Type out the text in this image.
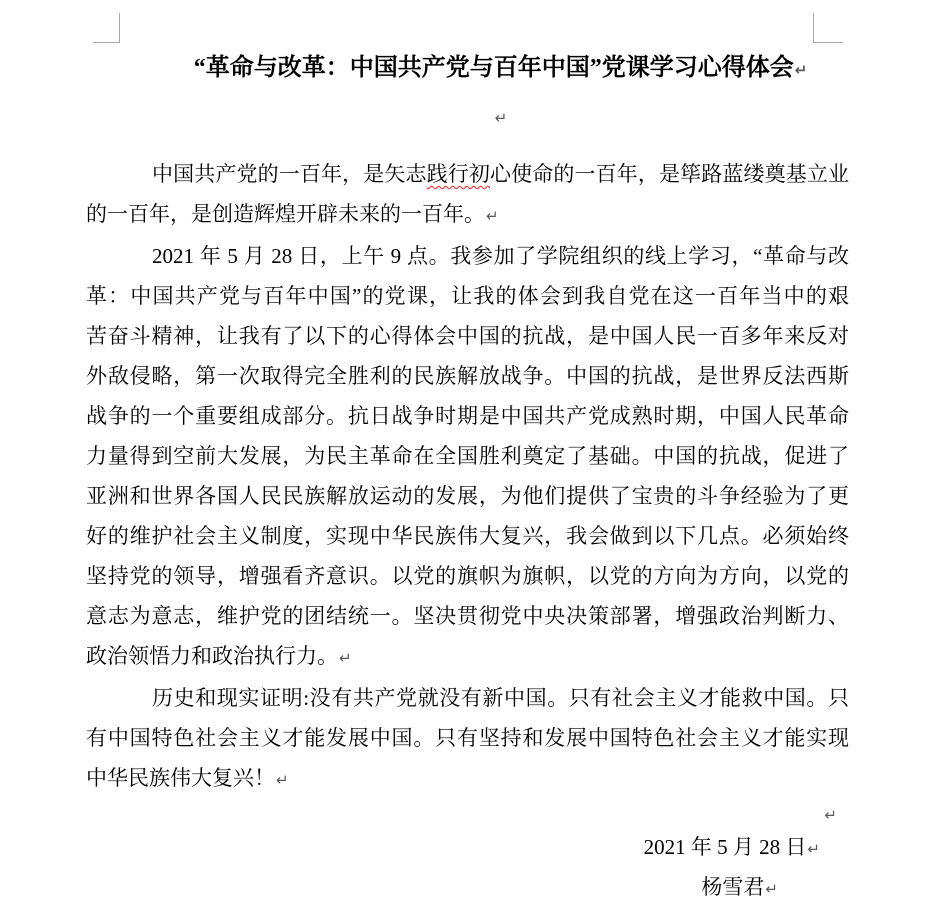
“革命与改革：中国共产党与百年中国”党课学习心得体会↵
↵
中国共产党的一百年，是矢志践行初心使命的一百年，是筚路蓝缕奠基立业
的一百年，是创造辉煌开辟未来的一百年。↵
2021 年 5 月 28 日，上午 9 点。我参加了学院组织的线上学习，“革命与改
革：中国共产党与百年中国”的党课，让我的体会到我自党在这一百年当中的艰
苦奋斗精神，让我有了以下的心得体会中国的抗战，是中国人民一百多年来反对
外敌侵略，第一次取得完全胜利的民族解放战争。中国的抗战，是世界反法西斯
战争的一个重要组成部分。抗日战争时期是中国共产党成熟时期，中国人民革命
力量得到空前大发展，为民主革命在全国胜利奠定了基础。中国的抗战，促进了
亚洲和世界各国人民民族解放运动的发展，为他们提供了宝贵的斗争经验为了更
好的维护社会主义制度，实现中华民族伟大复兴，我会做到以下几点。必须始终
坚持党的领导，增强看齐意识。以党的旗帜为旗帜，以党的方向为方向，以党的
意志为意志，维护党的团结统一。坚决贯彻党中央决策部署，增强政治判断力、
政治领悟力和政治执行力。↵
历史和现实证明:没有共产党就没有新中国。只有社会主义才能救中国。只
有中国特色社会主义才能发展中国。只有坚持和发展中国特色社会主义才能实现
中华民族伟大复兴！↵
↵
2021 年 5 月 28 日↵
杨雪君↵
